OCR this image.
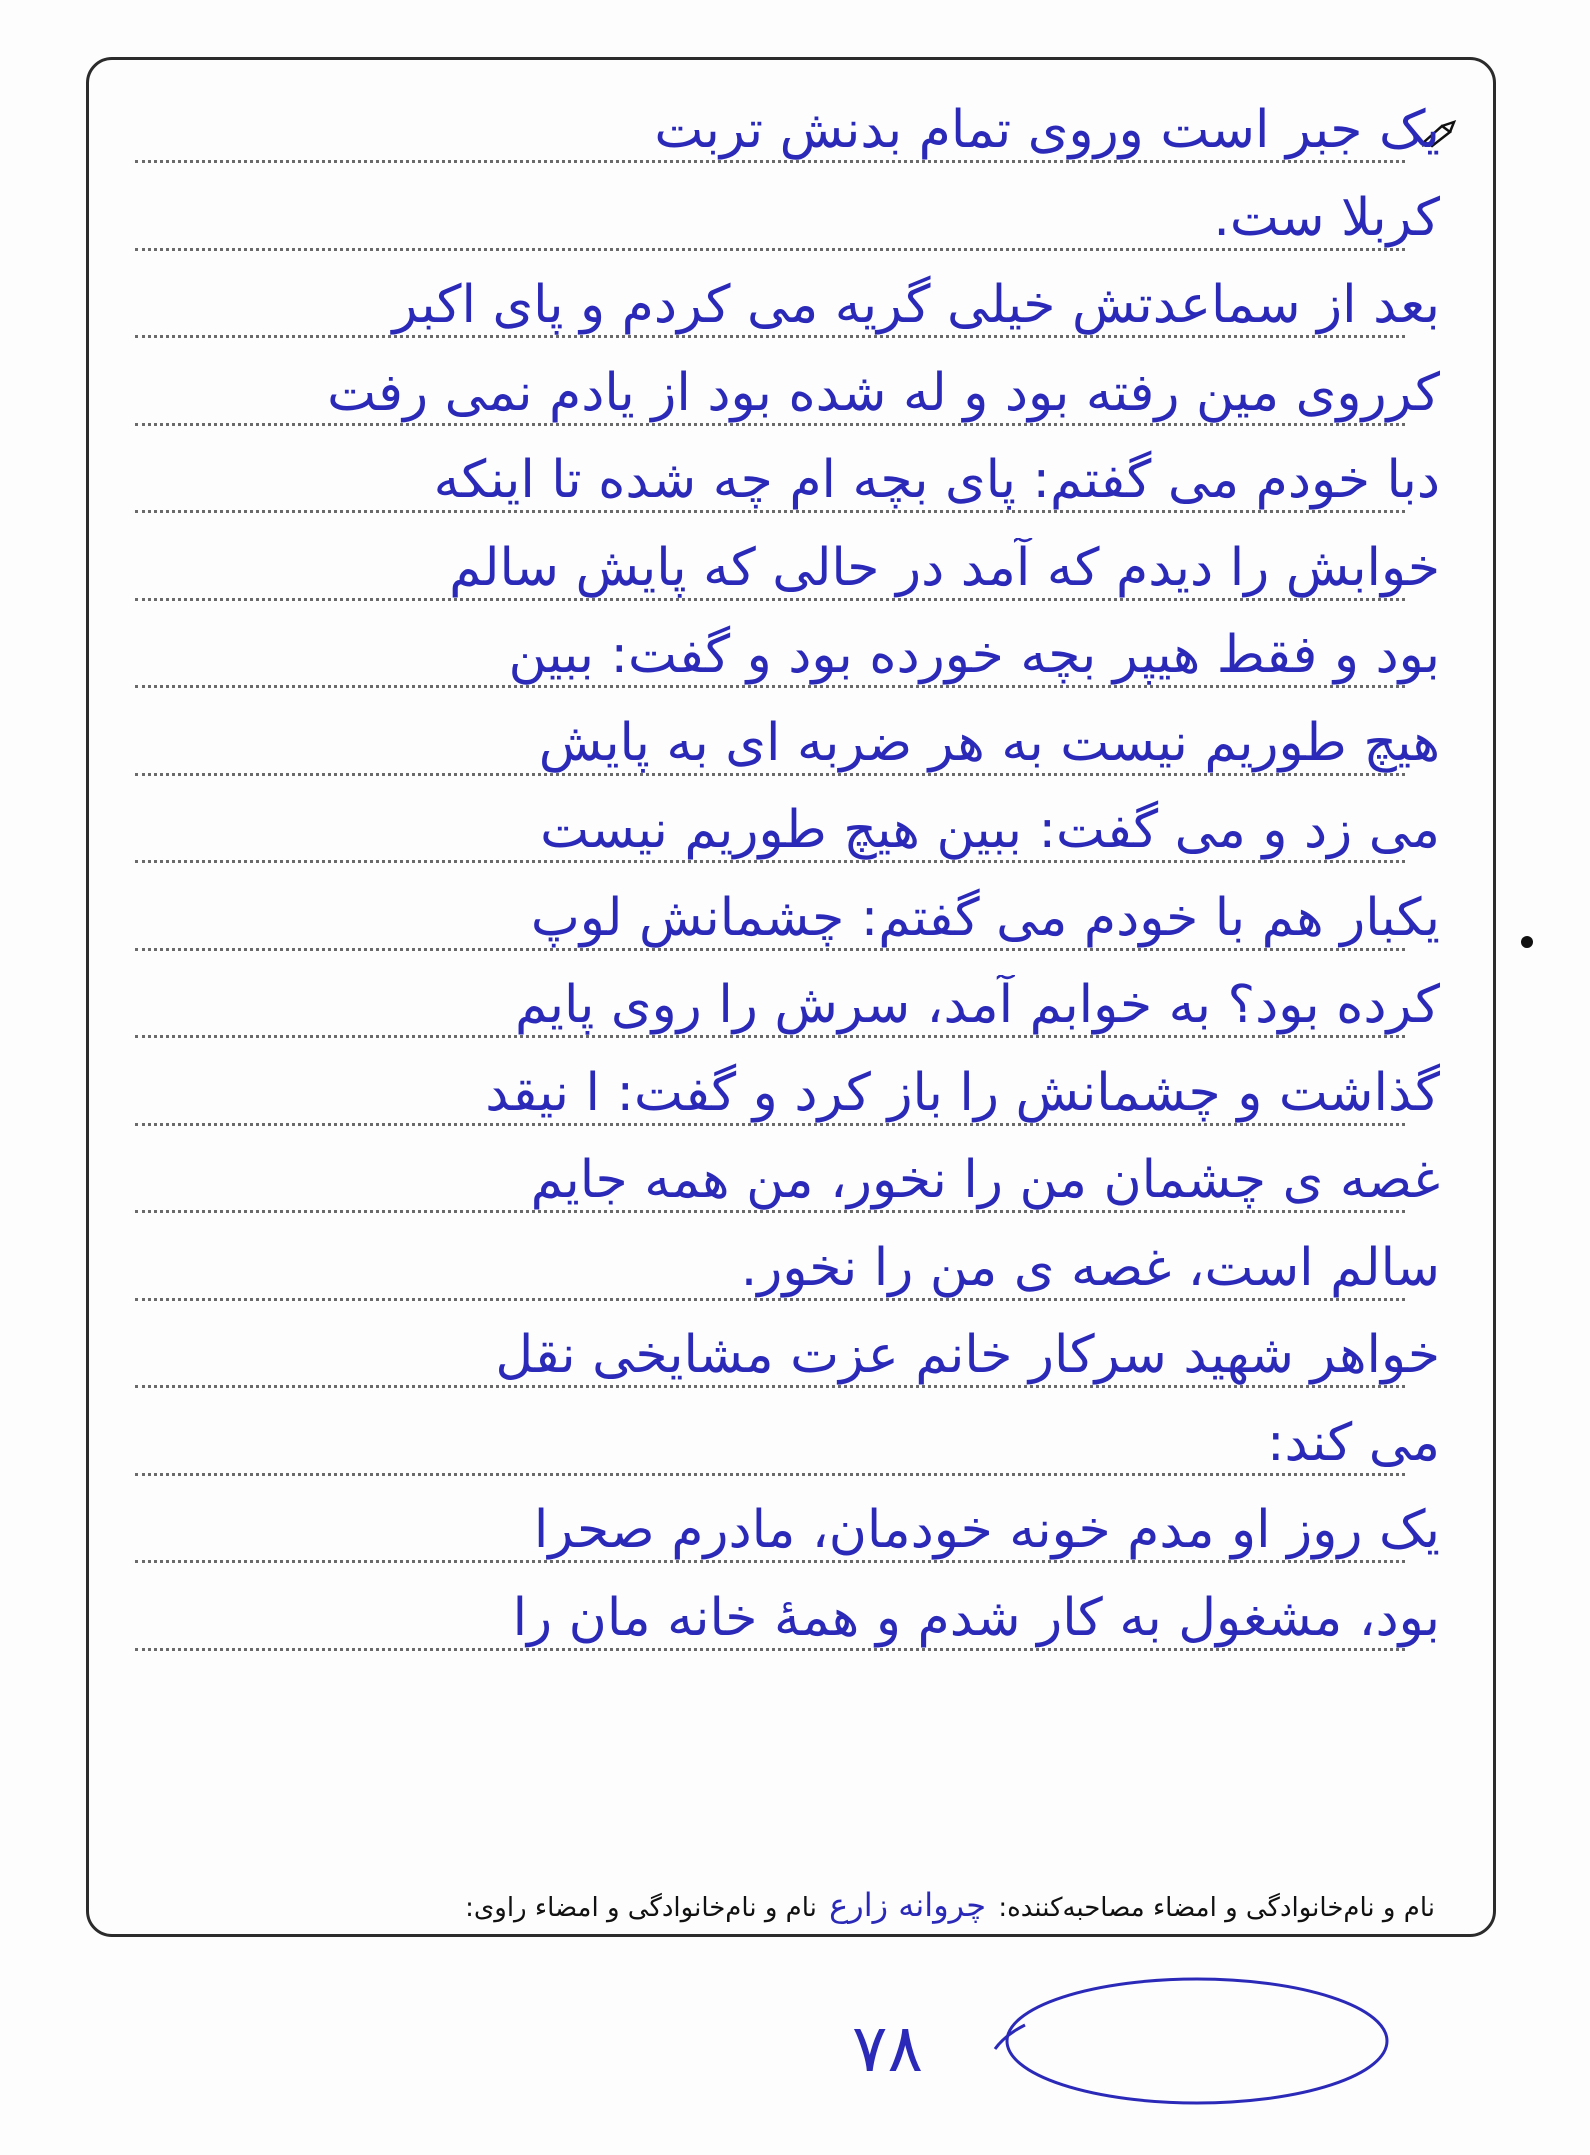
یک جبر است وروی تمام بدنش تربت
کربلا ست.
بعد از سماعدتش خیلی گریه می کردم و پای اکبر
کرروی مین رفته بود و له شده بود از یادم نمی رفت
دبا خودم می گفتم: پای بچه ام چه شده تا اینکه
خوابش را دیدم که آمد در حالی که پایش سالم
بود و فقط هیپر بچه خورده بود و گفت: ببین
هیچ طوریم نیست به هر ضربه ای به پایش
می زد و می گفت: ببین هیچ طوریم نیست
یکبار هم با خودم می گفتم: چشمانش لوپ
کرده بود؟ به خوابم آمد، سرش را روی پایم
گذاشت و چشمانش را باز کرد و گفت: ا نیقد
غصه ی چشمان من را نخور، من همه جایم
سالم است، غصه ی من را نخور.
خواهر شهید سرکار خانم عزت مشایخی نقل
می کند:
یک روز او مدم خونه خودمان، مادرم صحرا
بود، مشغول به کار شدم و همهٔ خانه مان را
نام و نام‌خانوادگی و امضاء مصاحبه‌کننده: چروانه زارع نام و نام‌خانوادگی و امضاء راوی:
۷۸
